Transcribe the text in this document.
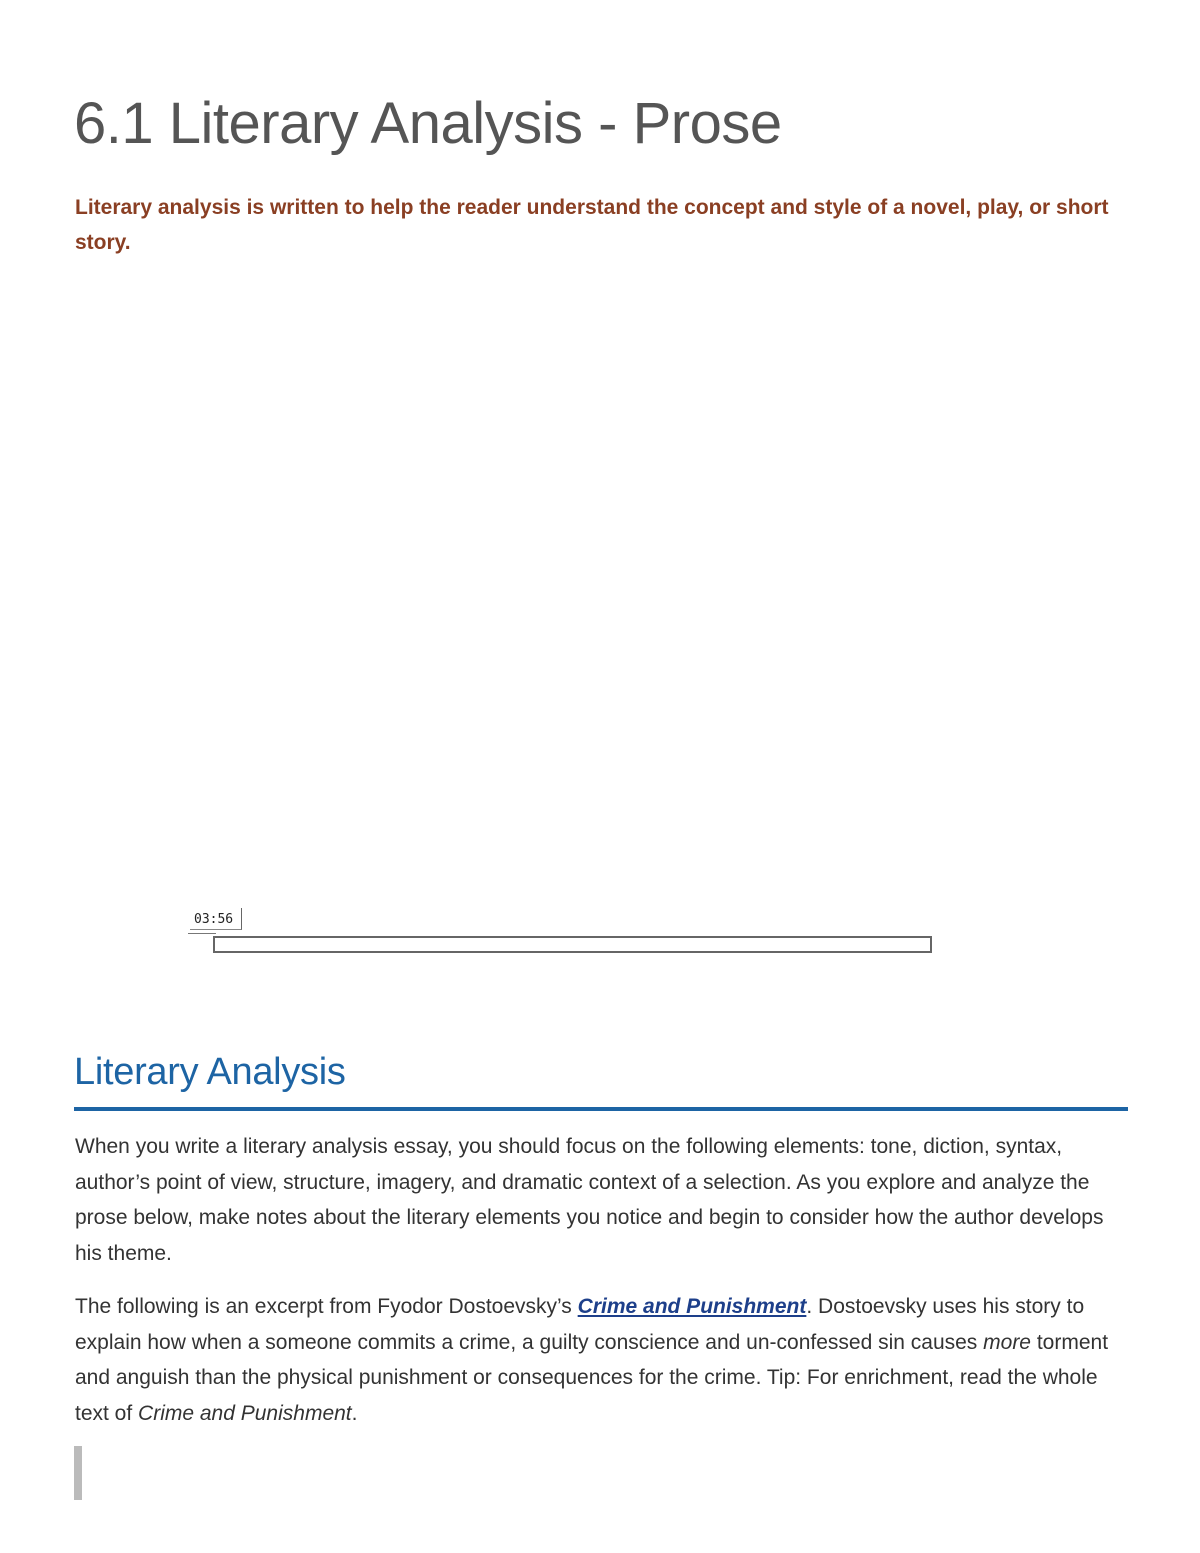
6.1 Literary Analysis - Prose

Literary analysis is written to help the reader understand the concept and style of a novel, play, or short story.

03:56
Literary Analysis

When you write a literary analysis essay, you should focus on the following elements: tone, diction, syntax, author’s point of view, structure, imagery, and dramatic context of a selection. As you explore and analyze the prose below, make notes about the literary elements you notice and begin to consider how the author develops his theme.

The following is an excerpt from Fyodor Dostoevsky’s Crime and Punishment. Dostoevsky uses his story to explain how when a someone commits a crime, a guilty conscience and un-confessed sin causes more torment and anguish than the physical punishment or consequences for the crime. Tip: For enrichment, read the whole text of Crime and Punishment.
